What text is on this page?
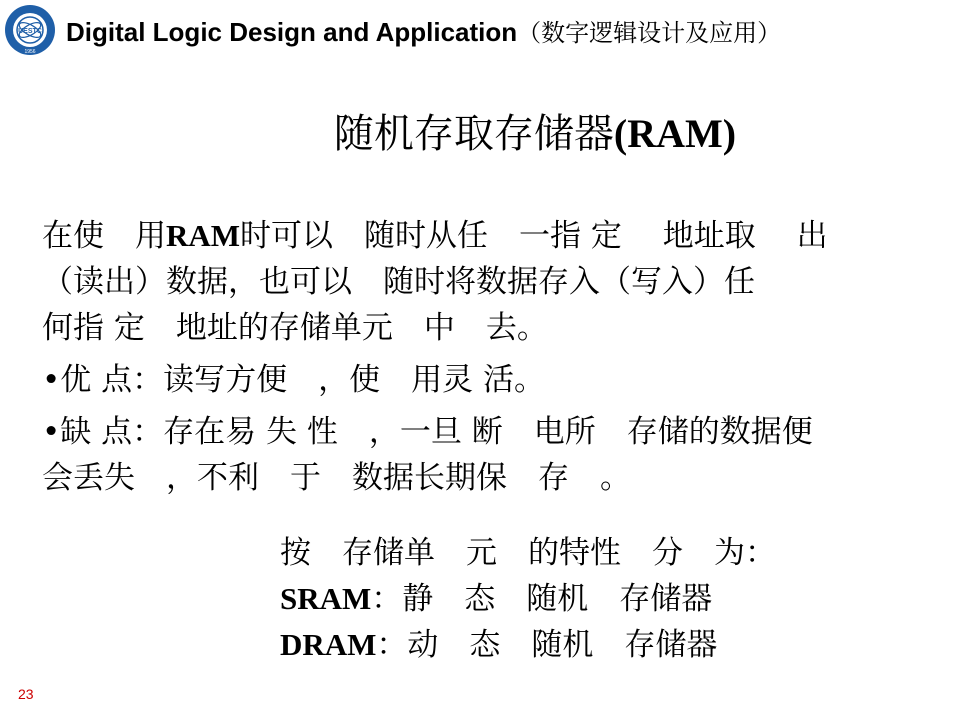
UESTC
1956
Digital Logic Design and Application（数字逻辑设计及应用）
随机存取存储器(RAM)
在使　用RAM时可以　随时从任　一指 定　 地址取　 出
（读出）数据，也可以　随时将数据存入（写入）任
何指 定　地址的存储单元　中　去。
•优 点：读写方便　，使　用灵 活。
•缺 点：存在易 失 性　，一旦 断　电所　存储的数据便
会丢失　，不利　于　数据长期保　存　。
按　存储单　元　的特性　分　为：
SRAM：静　态　随机　存储器
DRAM：动　态　随机　存储器
23
